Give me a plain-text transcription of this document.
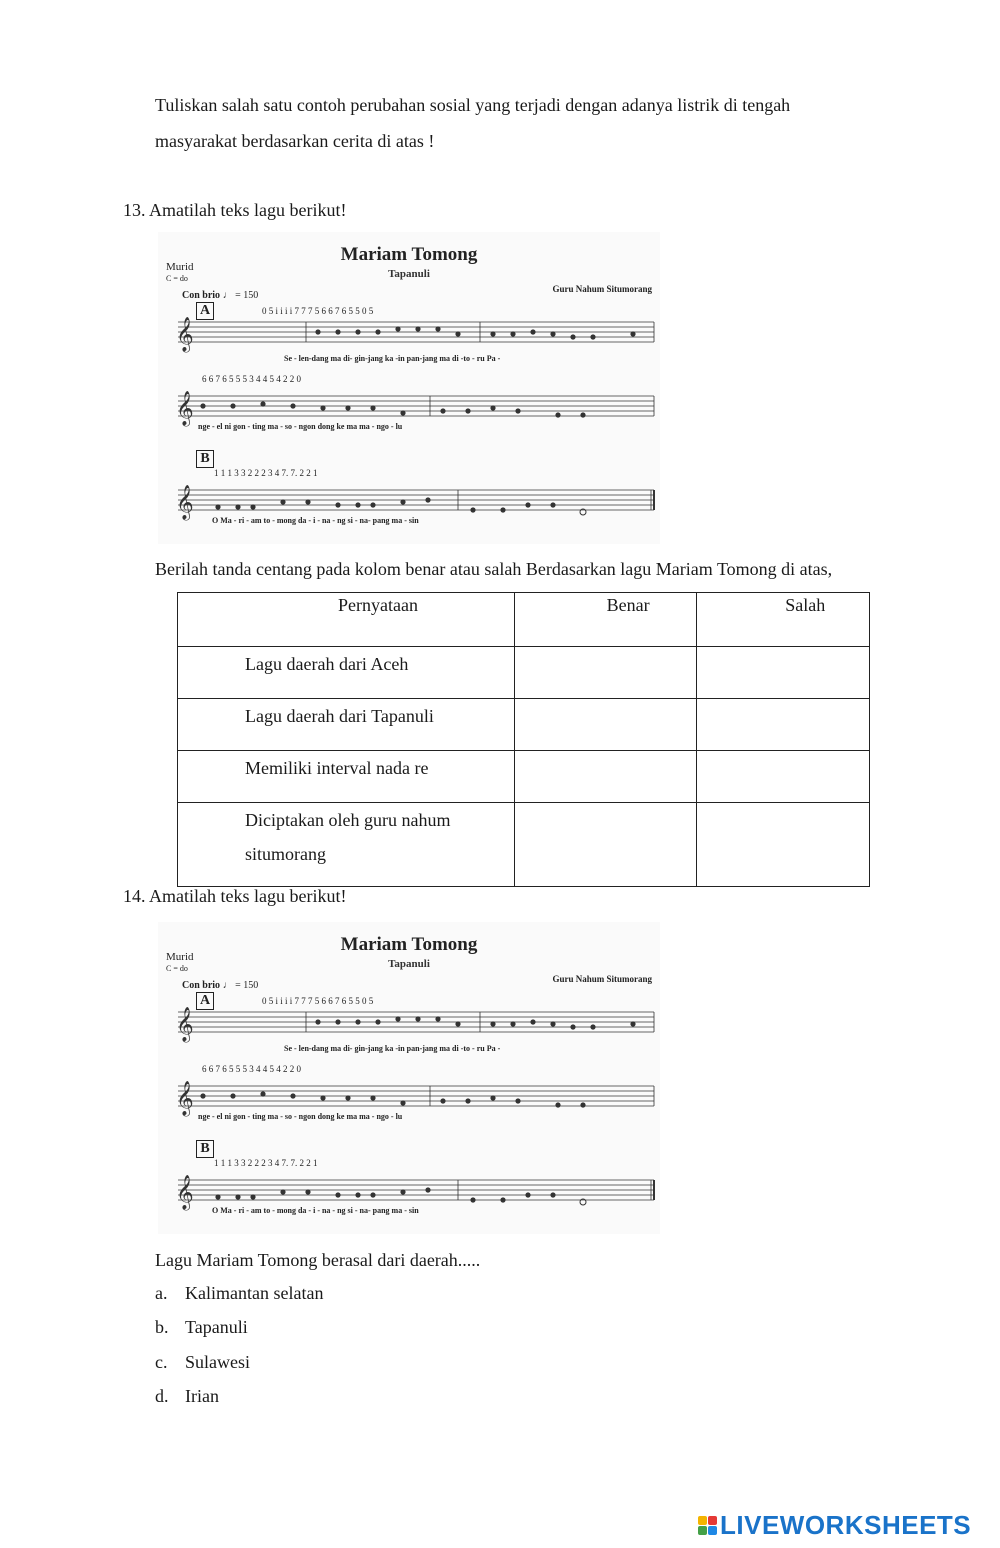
Tuliskan salah satu contoh perubahan sosial yang terjadi dengan adanya listrik di tengah
masyarakat berdasarkan cerita di atas !
13. Amatilah teks lagu berikut!
𝄞
𝄞
𝄞
Murid
C = do
Mariam Tomong
Tapanuli
Guru Nahum Situmorang
Con brio ♩ = 150
A	0 5 i i i i 7 7 7 5 6 6 7 6 5 5 0 5
Se - len-dang ma di- gin-jang ka -in pan-jang ma di -to - ru Pa -
6 6 7 6 5 5 5 3 4 4 5 4 2 2 0
nge - el ni gon - ting ma - so - ngon dong ke ma ma - ngo - lu
B
1 1 1 3 3 2 2 2 3 4 7. 7. 2 2 1
O Ma - ri - am to - mong da - i - na - ng si - na- pang ma - sin
Berilah tanda centang pada kolom benar atau salah Berdasarkan lagu Mariam Tomong di atas,
Pernyataan	Benar	Salah

Lagu daerah dari Aceh		

Lagu daerah dari Tapanuli		

Memiliki interval nada re		

Diciptakan oleh guru nahum situmorang		

14. Amatilah teks lagu berikut!
𝄞
𝄞
𝄞
Murid
C = do
Mariam Tomong
Tapanuli
Guru Nahum Situmorang
Con brio ♩ = 150
A	0 5 i i i i 7 7 7 5 6 6 7 6 5 5 0 5
Se - len-dang ma di- gin-jang ka -in pan-jang ma di -to - ru Pa -
6 6 7 6 5 5 5 3 4 4 5 4 2 2 0
nge - el ni gon - ting ma - so - ngon dong ke ma ma - ngo - lu
B
1 1 1 3 3 2 2 2 3 4 7. 7. 2 2 1
O Ma - ri - am to - mong da - i - na - ng si - na- pang ma - sin
Lagu Mariam Tomong berasal dari daerah.....
a. Kalimantan selatan
b. Tapanuli
c. Sulawesi
d. Irian
LIVEWORKSHEETS
